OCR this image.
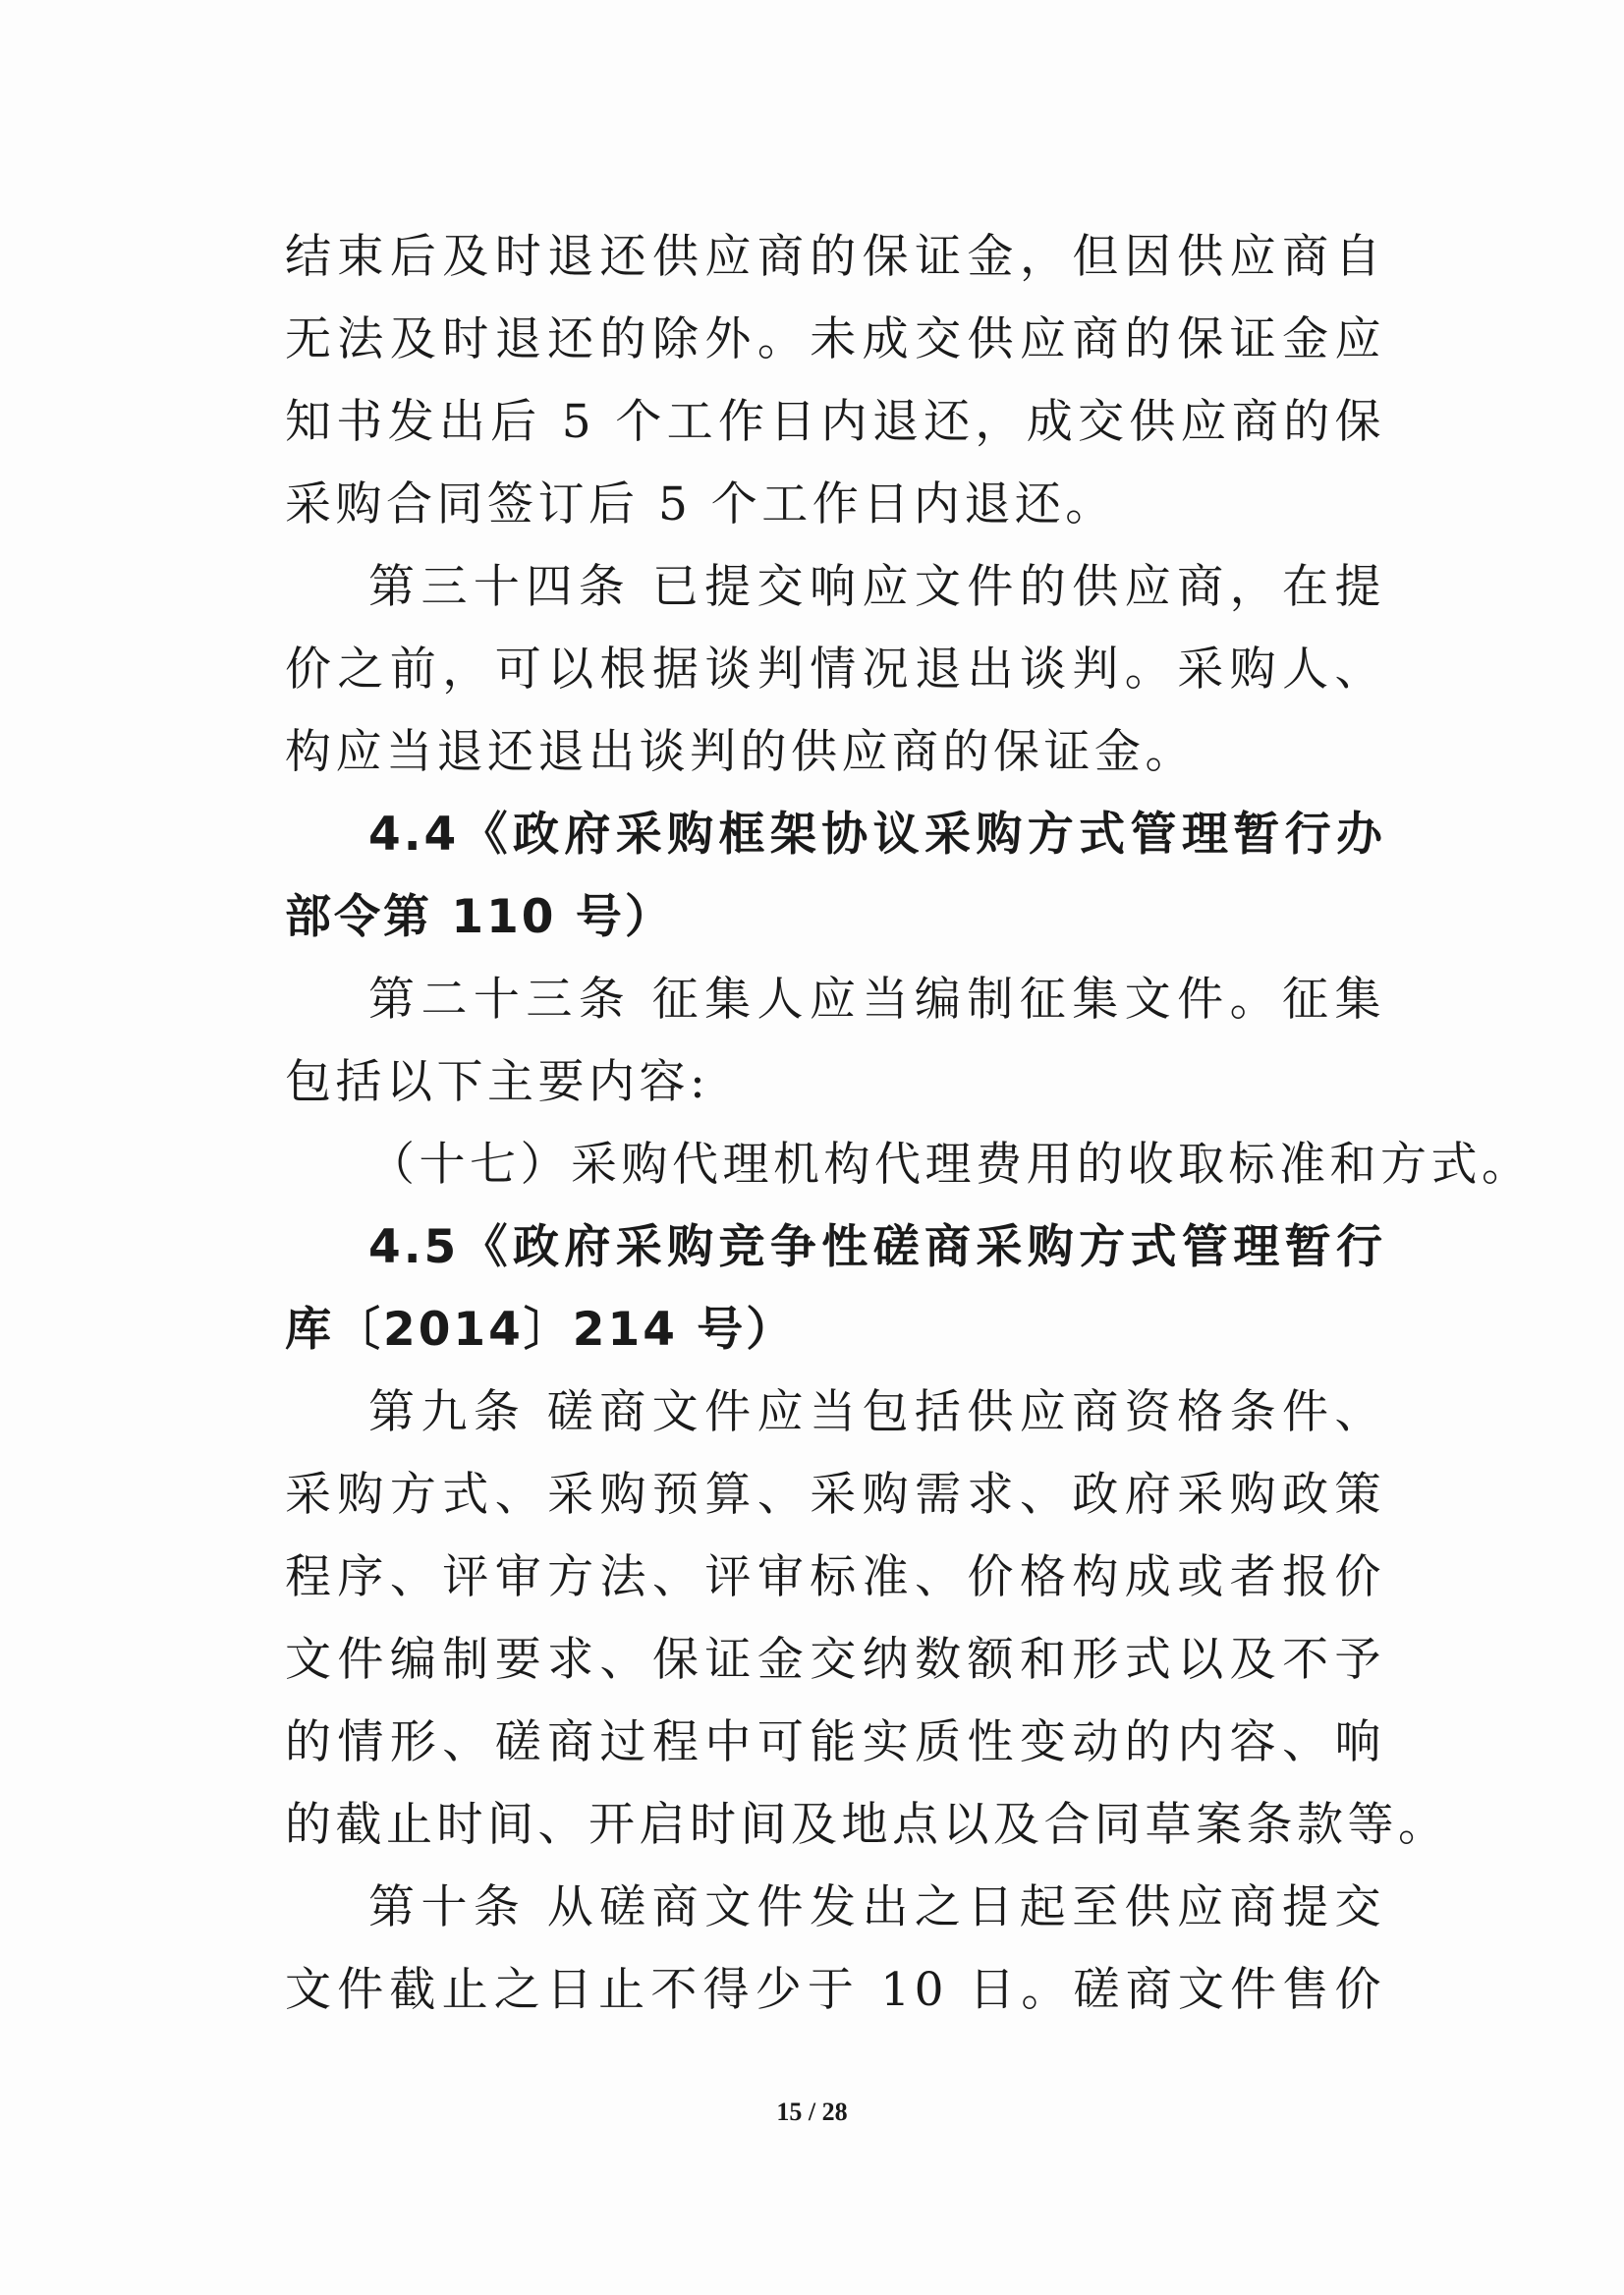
结束后及时退还供应商的保证金，但因供应商自
无法及时退还的除外。未成交供应商的保证金应
知书发出后 5 个工作日内退还，成交供应商的保
采购合同签订后 5 个工作日内退还。
第三十四条 已提交响应文件的供应商，在提
价之前，可以根据谈判情况退出谈判。采购人、
构应当退还退出谈判的供应商的保证金。
4.4《政府采购框架协议采购方式管理暂行办
部令第 110 号）
第二十三条 征集人应当编制征集文件。征集
包括以下主要内容:
（十七）采购代理机构代理费用的收取标准和方式。
4.5《政府采购竞争性磋商采购方式管理暂行
库〔2014〕214 号）
第九条 磋商文件应当包括供应商资格条件、
采购方式、采购预算、采购需求、政府采购政策
程序、评审方法、评审标准、价格构成或者报价
文件编制要求、保证金交纳数额和形式以及不予
的情形、磋商过程中可能实质性变动的内容、响
的截止时间、开启时间及地点以及合同草案条款等。
第十条 从磋商文件发出之日起至供应商提交
文件截止之日止不得少于 10 日。磋商文件售价
15 / 28
